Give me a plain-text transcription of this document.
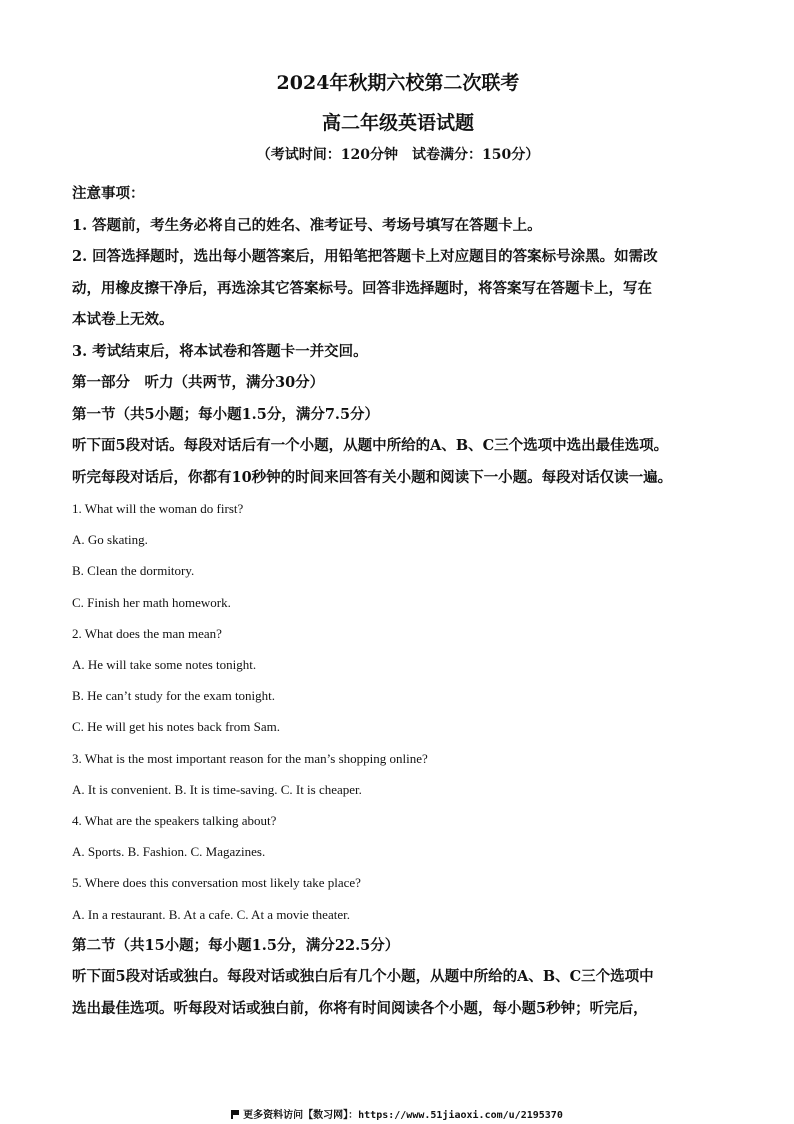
2024年秋期六校第二次联考

高二年级英语试题

（考试时间：120分钟　试卷满分：150分）

注意事项：

1. 答题前，考生务必将自己的姓名、准考证号、考场号填写在答题卡上。

2. 回答选择题时，选出每小题答案后，用铅笔把答题卡上对应题目的答案标号涂黑。如需改

动，用橡皮擦干净后，再选涂其它答案标号。回答非选择题时，将答案写在答题卡上，写在

本试卷上无效。

3. 考试结束后，将本试卷和答题卡一并交回。

第一部分　听力（共两节，满分30分）

第一节（共5小题；每小题1.5分，满分7.5分）

听下面5段对话。每段对话后有一个小题，从题中所给的A、B、C三个选项中选出最佳选项。

听完每段对话后，你都有10秒钟的时间来回答有关小题和阅读下一小题。每段对话仅读一遍。

1. What will the woman do first?

A. Go skating.

B. Clean the dormitory.

C. Finish her math homework.

2. What does the man mean?

A. He will take some notes tonight.

B. He can’t study for the exam tonight.

C. He will get his notes back from Sam.

3. What is the most important reason for the man’s shopping online?

A. It is convenient. B. It is time-saving. C. It is cheaper.

4. What are the speakers talking about?

A. Sports. B. Fashion. C. Magazines.

5. Where does this conversation most likely take place?

A. In a restaurant. B. At a cafe. C. At a movie theater.

第二节（共15小题；每小题1.5分，满分22.5分）

听下面5段对话或独白。每段对话或独白后有几个小题，从题中所给的A、B、C三个选项中

选出最佳选项。听每段对话或独白前，你将有时间阅读各个小题，每小题5秒钟；听完后，

更多资料访问【数习网】：https://www.51jiaoxi.com/u/2195370
